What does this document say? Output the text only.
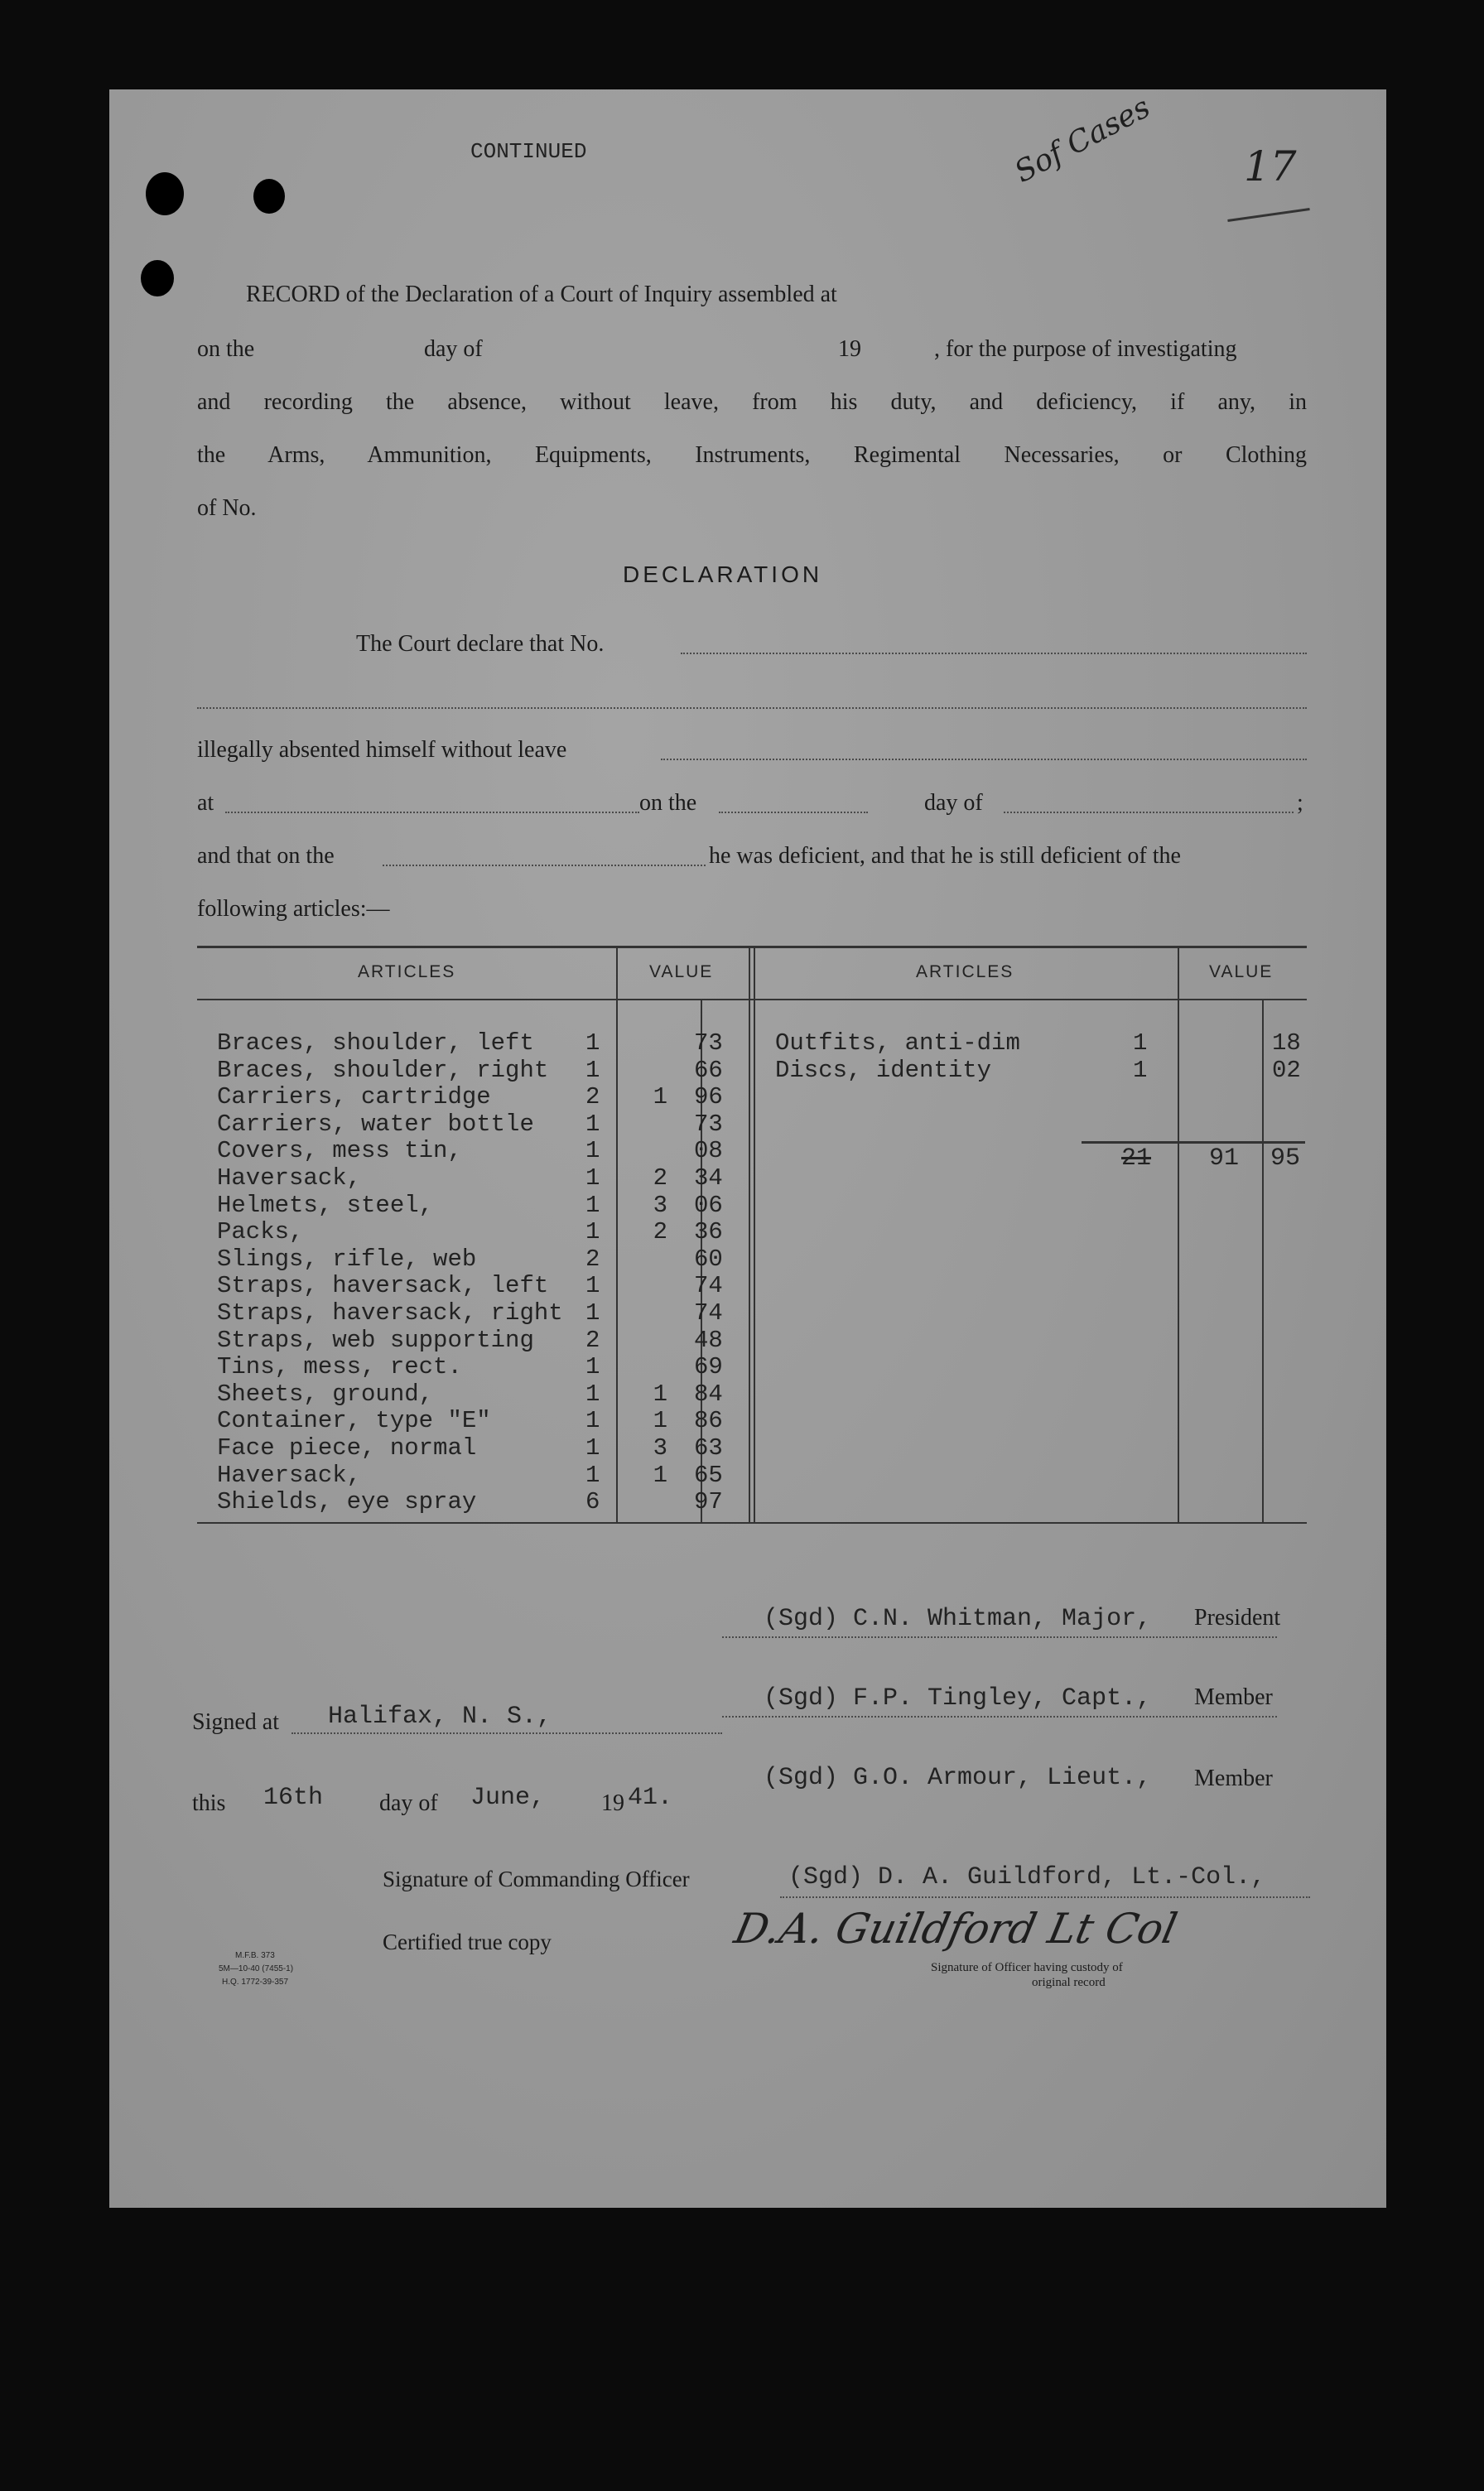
CONTINUED	Sof Cases 17
RECORD of the Declaration of a Court of Inquiry assembled at
on the	day of	19	, for the purpose of investigating
and recording the absence, without leave, from his duty, and deficiency, if any, in
the Arms, Ammunition, Equipments, Instruments, Regimental Necessaries, or Clothing
of No.
DECLARATION
The Court declare that No.
illegally absented himself without leave
at	on the	day of	;
and that on the	he was deficient, and that he is still deficient of the
following articles:—
ARTICLES	VALUE	ARTICLES	VALUE
21 91 95
(Sgd) C.N. Whitman, Major, President
(Sgd) F.P. Tingley, Capt., Member
(Sgd) G.O. Armour, Lieut., Member
Signed at Halifax, N. S.,
this 16th day of June, 19 41.
Signature of Commanding Officer	(Sgd) D. A. Guildford, Lt.-Col.,
Certified true copy	D.A. Guildford Lt Col
Signature of Officer having custody of
original record
M.F.B. 373
5M—10-40 (7455-1)
H.Q. 1772-39-357
Braces, shoulder, left 1	73
Braces, shoulder, right 1	66
Carriers, cartridge	2	1 96
Carriers, water bottle 1	73
Covers, mess tin,	1	08
Haversack,	1	2 34
Helmets, steel,	1	3 06
Packs,	1	2 36
Slings, rifle, web	2	60
Straps, haversack, left 1	74
Straps, haversack, right 1	74
Straps, web supporting 2	48
Tins, mess, rect.	1	69
Sheets, ground,	1	1 84
Container, type "E"	1	1 86
Face piece, normal	1	3 63
Haversack,	1	1 65
Shields, eye spray	6	97
Outfits, anti-dim	1	18
Discs, identity	1	02
